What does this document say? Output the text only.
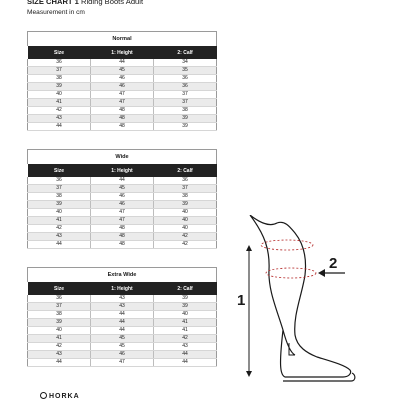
SIZE CHART 1 Riding Boots Adult
Measurement in cm
Normal		
Size	1: Height	2: Calf
36	44	34
37	45	35
38	46	36
39	46	36
40	47	37
41	47	37
42	48	38
43	48	39
44	48	39
Wide		
Size	1: Height	2: Calf
36	44	36
37	45	37
38	46	38
39	46	39
40	47	40
41	47	40
42	48	40
43	48	42
44	48	42
Extra Wide		
Size	1: Height	2: Calf
36	43	39
37	43	39
38	44	40
39	44	41
40	44	41
41	45	42
42	45	43
43	46	44
44	47	44
1
2
HORKA
